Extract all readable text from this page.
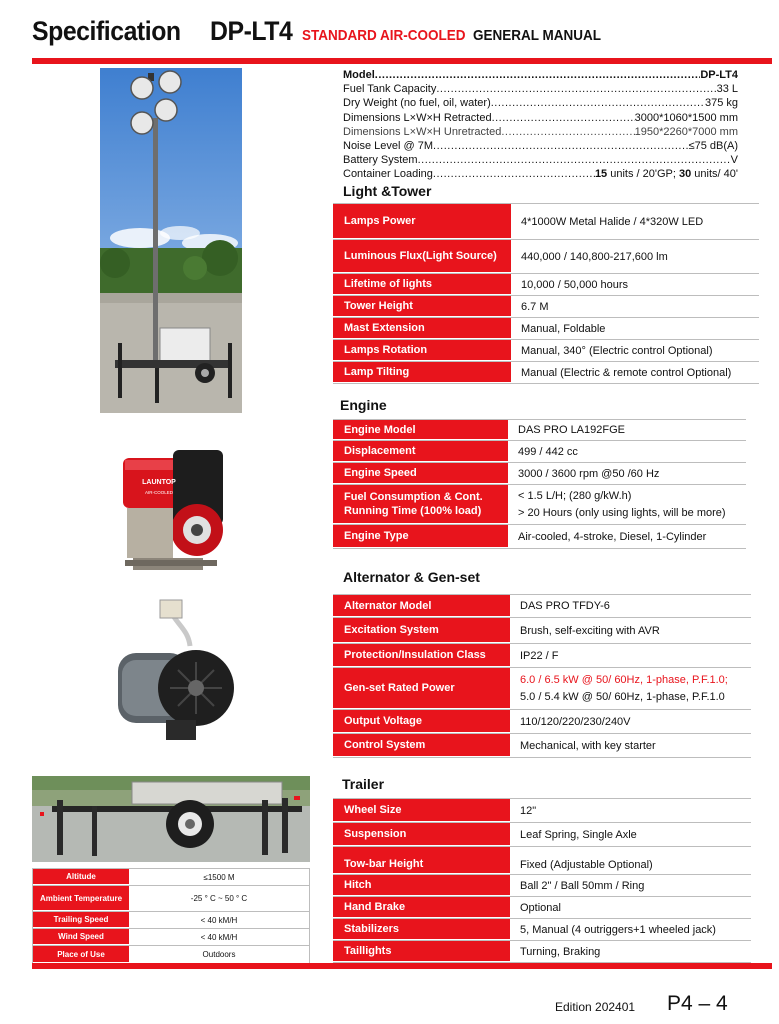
Specification DP-LT4 STANDARD AIR-COOLED GENERAL MANUAL
LAUNTOP
AIR-COOLED
Model .....	DP-LT4
Fuel Tank Capacity .....	33 L
Dry Weight (no fuel, oil, water) .....	375 kg
Dimensions L×W×H Retracted .....	3000*1060*1500 mm
Dimensions L×W×H Unretracted .....	1950*2260*7000 mm
Noise Level @ 7M .....	≤75 dB(A)
Battery System .....	V
Container Loading .....	15 units / 20'GP; 30 units/ 40'
Light &Tower
Lamps Power	4*1000W Metal Halide / 4*320W LED
Luminous Flux(Light Source)	440,000 / 140,800-217,600 lm
Lifetime of lights	10,000 / 50,000 hours
Tower Height	6.7 M
Mast Extension	Manual, Foldable
Lamps Rotation	Manual, 340° (Electric control Optional)
Lamp Tilting	Manual (Electric & remote control Optional)
Engine
Engine Model	DAS PRO LA192FGE
Displacement	499 / 442 cc
Engine Speed	3000 / 3600 rpm @50 /60 Hz
Fuel Consumption & Cont. Running Time (100% load)
< 1.5 L/H; (280 g/kW.h)
> 20 Hours (only using lights, will be more)
Engine Type	Air-cooled, 4-stroke, Diesel, 1-Cylinder
Alternator & Gen-set
Alternator Model	DAS PRO TFDY-6
Excitation System	Brush, self-exciting with AVR
Protection/Insulation Class	IP22 / F
Gen-set Rated Power
6.0 / 6.5 kW @ 50/ 60Hz, 1-phase, P.F.1.0;
5.0 / 5.4 kW @ 50/ 60Hz, 1-phase, P.F.1.0
Output Voltage	110/120/220/230/240V
Control System	Mechanical, with key starter
Trailer
Wheel Size	12"
Suspension	Leaf Spring, Single Axle
Tow-bar Height	Fixed (Adjustable Optional)
Hitch	Ball 2" / Ball 50mm / Ring
Hand Brake	Optional
Stabilizers	5, Manual (4 outriggers+1 wheeled jack)
Taillights	Turning, Braking
Altitude	≤1500 M
Ambient Temperature	-25 ° C ~ 50 ° C
Trailing Speed	< 40 kM/H
Wind Speed	< 40 kM/H
Place of Use	Outdoors
Edition 202401 P4 – 4
